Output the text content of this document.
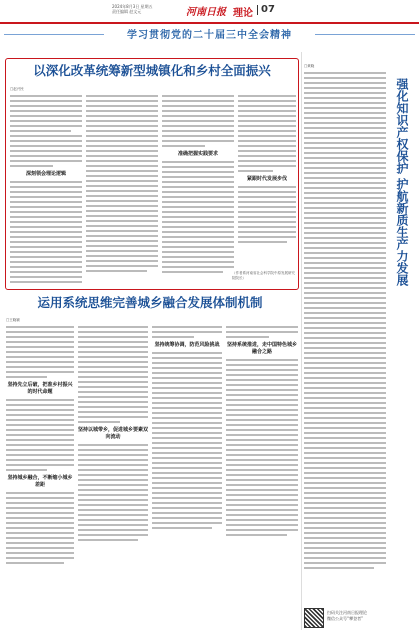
2024年8月3日 星期五
责任编辑 赵文元	河南日报 理论 07
学习贯彻党的二十届三中全会精神
以深化改革统筹新型城镇化和乡村全面振兴
□赵兴民
深刻领会理论逻辑
准确把握实践要求
紧跟时代发展步伐
（作者系河南省社会科学院中原发展研究院院长）
□黄晓
强化知识产权保护 护航新质生产力发展
运用系统思维完善城乡融合发展体制机制
□王晓颖
坚持先立后破，把准乡村振兴的时代命题
坚持城乡融合，不断缩小城乡差距
坚持以城带乡，促进城乡要素双向流动
坚持统筹协调，防范风险挑战	坚持系统推进，走中国特色城乡融合之路
扫码关注河南日报理论
微信公众号“攀登者”
